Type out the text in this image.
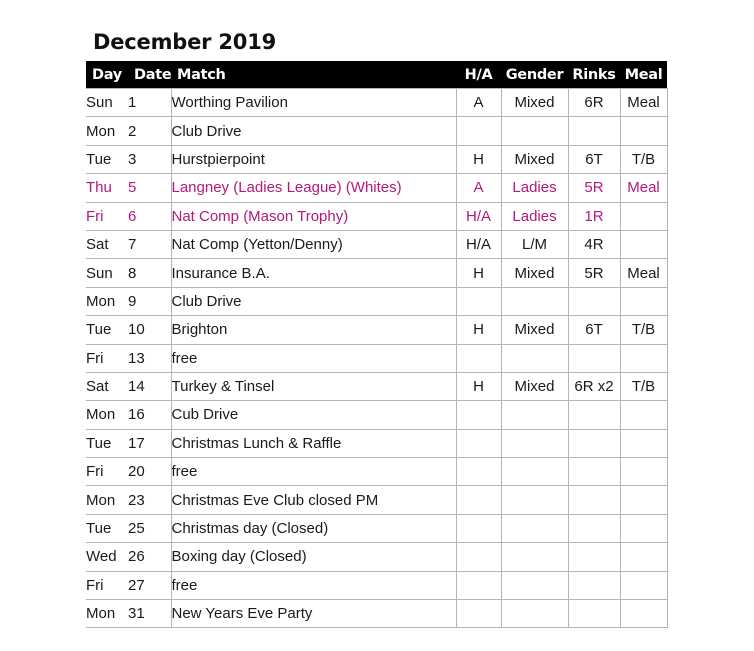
December 2019
Day	Date	Match	H/A	Gender	Rinks	Meal
Sun	1	Worthing Pavilion	A	Mixed	6R	Meal
Mon	2	Club Drive				
Tue	3	Hurstpierpoint	H	Mixed	6T	T/B
Thu	5	Langney (Ladies League) (Whites)	A	Ladies	5R	Meal
Fri	6	Nat Comp (Mason Trophy)	H/A	Ladies	1R	
Sat	7	Nat Comp (Yetton/Denny)	H/A	L/M	4R	
Sun	8	Insurance B.A.	H	Mixed	5R	Meal
Mon	9	Club Drive				
Tue	10	Brighton	H	Mixed	6T	T/B
Fri	13	free				
Sat	14	Turkey & Tinsel	H	Mixed	6R x2	T/B
Mon	16	Cub Drive				
Tue	17	Christmas Lunch & Raffle				
Fri	20	free				
Mon	23	Christmas Eve Club closed PM				
Tue	25	Christmas day (Closed)				
Wed	26	Boxing day (Closed)				
Fri	27	free				
Mon	31	New Years Eve Party				
